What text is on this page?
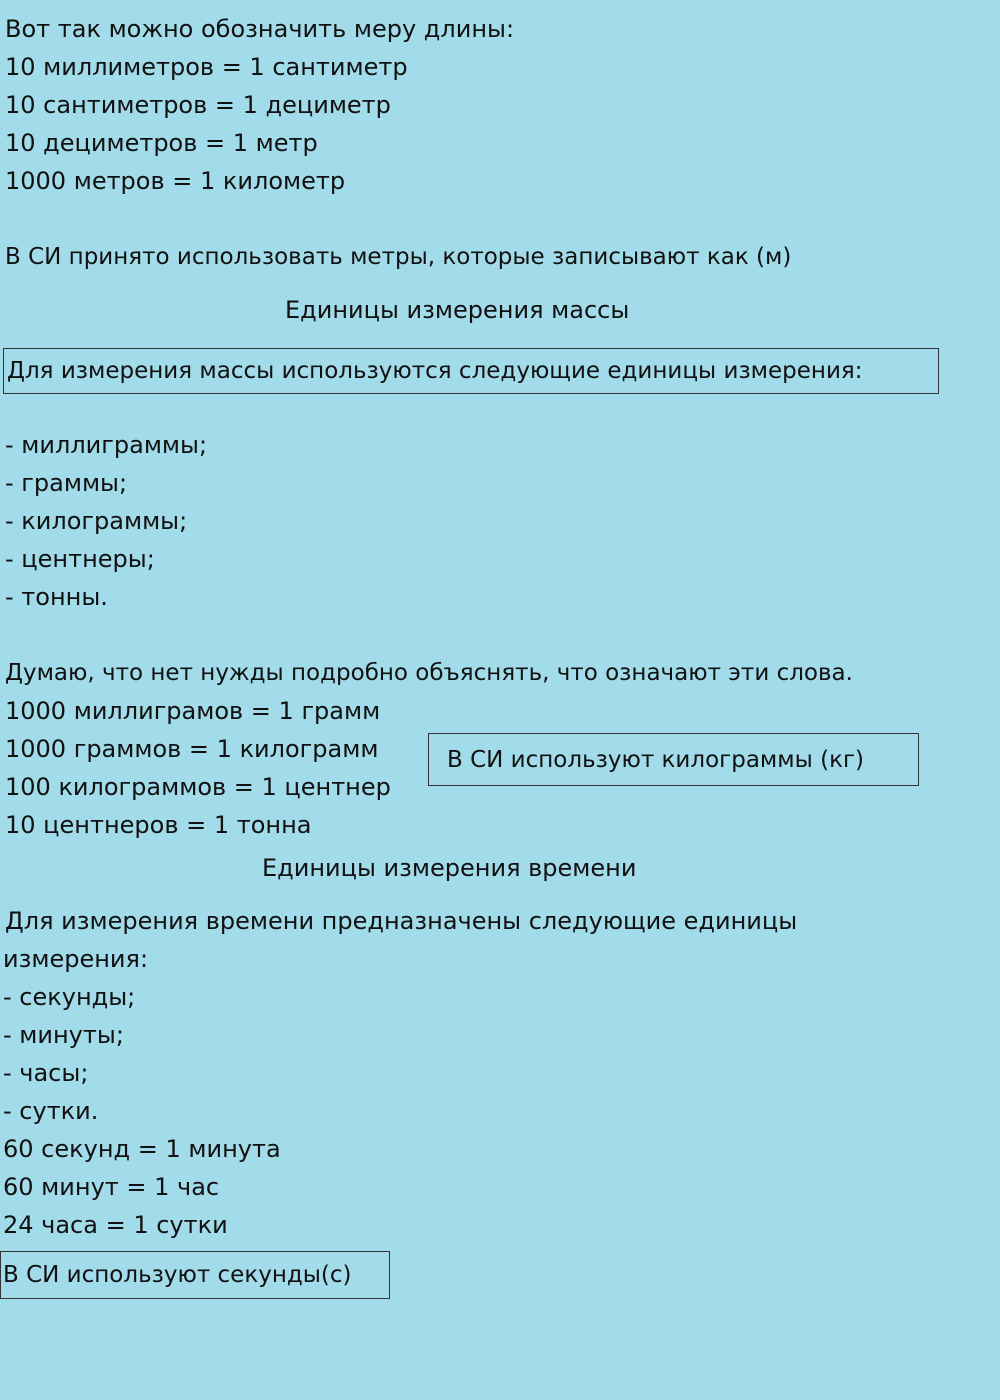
Вот так можно обозначить меру длины:
10 миллиметров = 1 сантиметр
10 сантиметров = 1 дециметр
10 дециметров = 1 метр
1000 метров = 1 километр
В СИ принято использовать метры, которые записывают как (м)
Единицы измерения массы
Для измерения массы используются следующие единицы измерения:
- миллиграммы;
- граммы;
- килограммы;
- центнеры;
- тонны.
Думаю, что нет нужды подробно объяснять, что означают эти слова.
1000 миллиграмов = 1 грамм
1000 граммов = 1 килограмм
100 килограммов = 1 центнер
10 центнеров = 1 тонна
В СИ используют килограммы (кг)
Единицы измерения времени
Для измерения времени предназначены следующие единицы
измерения:
- секунды;
- минуты;
- часы;
- сутки.
60 секунд = 1 минута
60 минут = 1 час
24 часа = 1 сутки
В СИ используют секунды(с)
